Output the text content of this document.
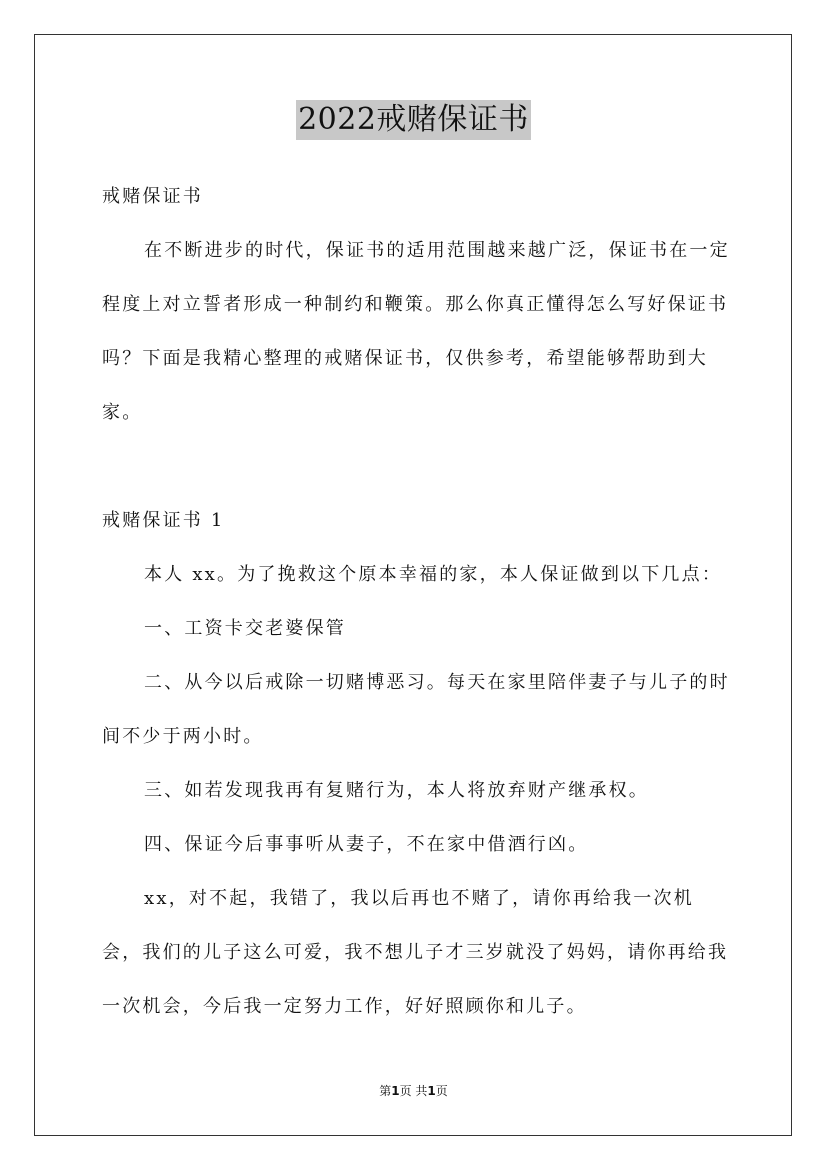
2022戒赌保证书

戒赌保证书

在不断进步的时代，保证书的适用范围越来越广泛，保证书在一定程度上对立誓者形成一种制约和鞭策。那么你真正懂得怎么写好保证书吗？下面是我精心整理的戒赌保证书，仅供参考，希望能够帮助到大家。

戒赌保证书 1

本人 xx。为了挽救这个原本幸福的家，本人保证做到以下几点：

一、工资卡交老婆保管

二、从今以后戒除一切赌博恶习。每天在家里陪伴妻子与儿子的时间不少于两小时。

三、如若发现我再有复赌行为，本人将放弃财产继承权。

四、保证今后事事听从妻子，不在家中借酒行凶。

xx，对不起，我错了，我以后再也不赌了，请你再给我一次机会，我们的儿子这么可爱，我不想儿子才三岁就没了妈妈，请你再给我一次机会，今后我一定努力工作，好好照顾你和儿子。

第1页 共1页
